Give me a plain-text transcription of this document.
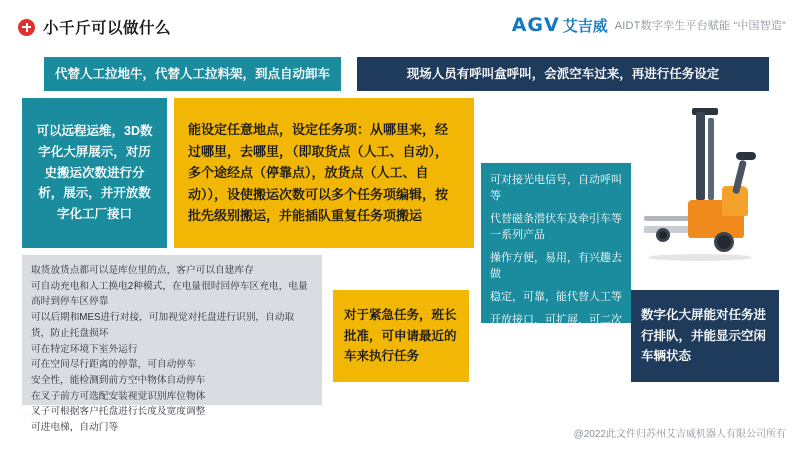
小千斤可以做什么	AGV 艾吉威 AIDT数字孪生平台赋能 “中国智造”
代替人工拉地牛，代替人工拉料架，到点自动卸车	现场人员有呼叫盒呼叫，会派空车过来，再进行任务设定
可以远程运维，3D数字化大屏展示，对历史搬运次数进行分析，展示，并开放数字化工厂接口
能设定任意地点，设定任务项：从哪里来，经过哪里，去哪里，（即取货点（人工、自动），多个途经点（停靠点），放货点（人工、自动）），设使搬运次数可以多个任务项编辑，按批先级别搬运，并能插队重复任务项搬运

可对接光电信号，自动呼叫等

代替磁条潜伏车及牵引车等一系列产品

操作方便，易用，有兴趣去做

稳定，可靠，能代替人工等

开放接口，可扩展，可二次开发应用

改variable模式，不用运输工人，只有操作工人

取货放货点都可以是库位里的点，客户可以自建库存

可自动充电和人工换电2种模式，在电量很时回停车区充电，电量高时到停车区停靠

可以后期和MES进行对接，可加视觉对托盘进行识别，自动取货，防止托盘损坏

可在特定环境下室外运行

可在空间尽行距离的停靠，可自动停车

安全性，能检测到前方空中物体自动停车

在叉子前方可选配安装视觉识别库位物体

叉子可根据客户托盘进行长度及宽度调整

可进电梯，自动门等

对于紧急任务，班长批准，可申请最近的车来执行任务
数字化大屏能对任务进行排队，并能显示空闲车辆状态
@2022此文件归苏州艾吉威机器人有限公司所有
